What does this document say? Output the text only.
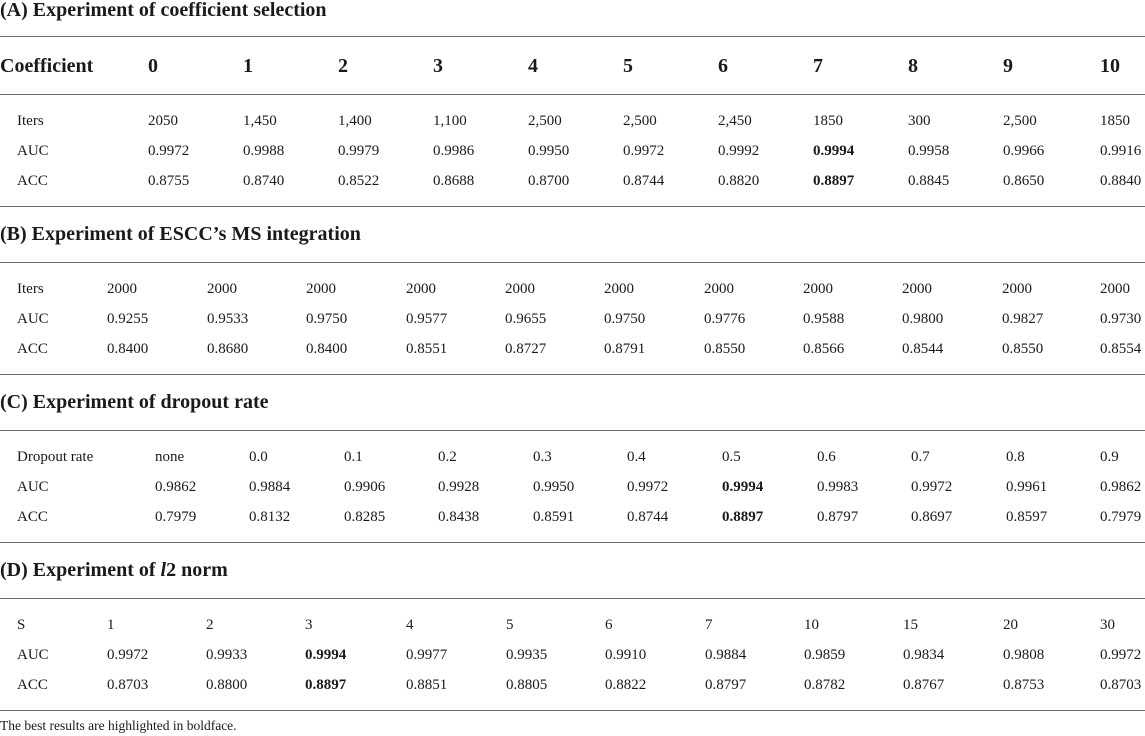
(A) Experiment of coefficient selection
Coefficient	0	1	2	3	4	5	6	7	8	9	10
Iters	2050	1,450	1,400	1,100	2,500	2,500	2,450	1850	300	2,500	1850
AUC	0.9972	0.9988	0.9979	0.9986	0.9950	0.9972	0.9992	0.9994	0.9958	0.9966	0.9916
ACC	0.8755	0.8740	0.8522	0.8688	0.8700	0.8744	0.8820	0.8897	0.8845	0.8650	0.8840
(B) Experiment of ESCC’s MS integration
Iters	2000	2000	2000	2000	2000	2000	2000	2000	2000	2000	2000
AUC	0.9255	0.9533	0.9750	0.9577	0.9655	0.9750	0.9776	0.9588	0.9800	0.9827	0.9730
ACC	0.8400	0.8680	0.8400	0.8551	0.8727	0.8791	0.8550	0.8566	0.8544	0.8550	0.8554
(C) Experiment of dropout rate
Dropout rate	none	0.0	0.1	0.2	0.3	0.4	0.5	0.6	0.7	0.8	0.9
AUC	0.9862	0.9884	0.9906	0.9928	0.9950	0.9972	0.9994	0.9983	0.9972	0.9961	0.9862
ACC	0.7979	0.8132	0.8285	0.8438	0.8591	0.8744	0.8897	0.8797	0.8697	0.8597	0.7979
(D) Experiment of l2 norm
S	1	2	3	4	5	6	7	10	15	20	30
AUC	0.9972	0.9933	0.9994	0.9977	0.9935	0.9910	0.9884	0.9859	0.9834	0.9808	0.9972
ACC	0.8703	0.8800	0.8897	0.8851	0.8805	0.8822	0.8797	0.8782	0.8767	0.8753	0.8703
The best results are highlighted in boldface.
